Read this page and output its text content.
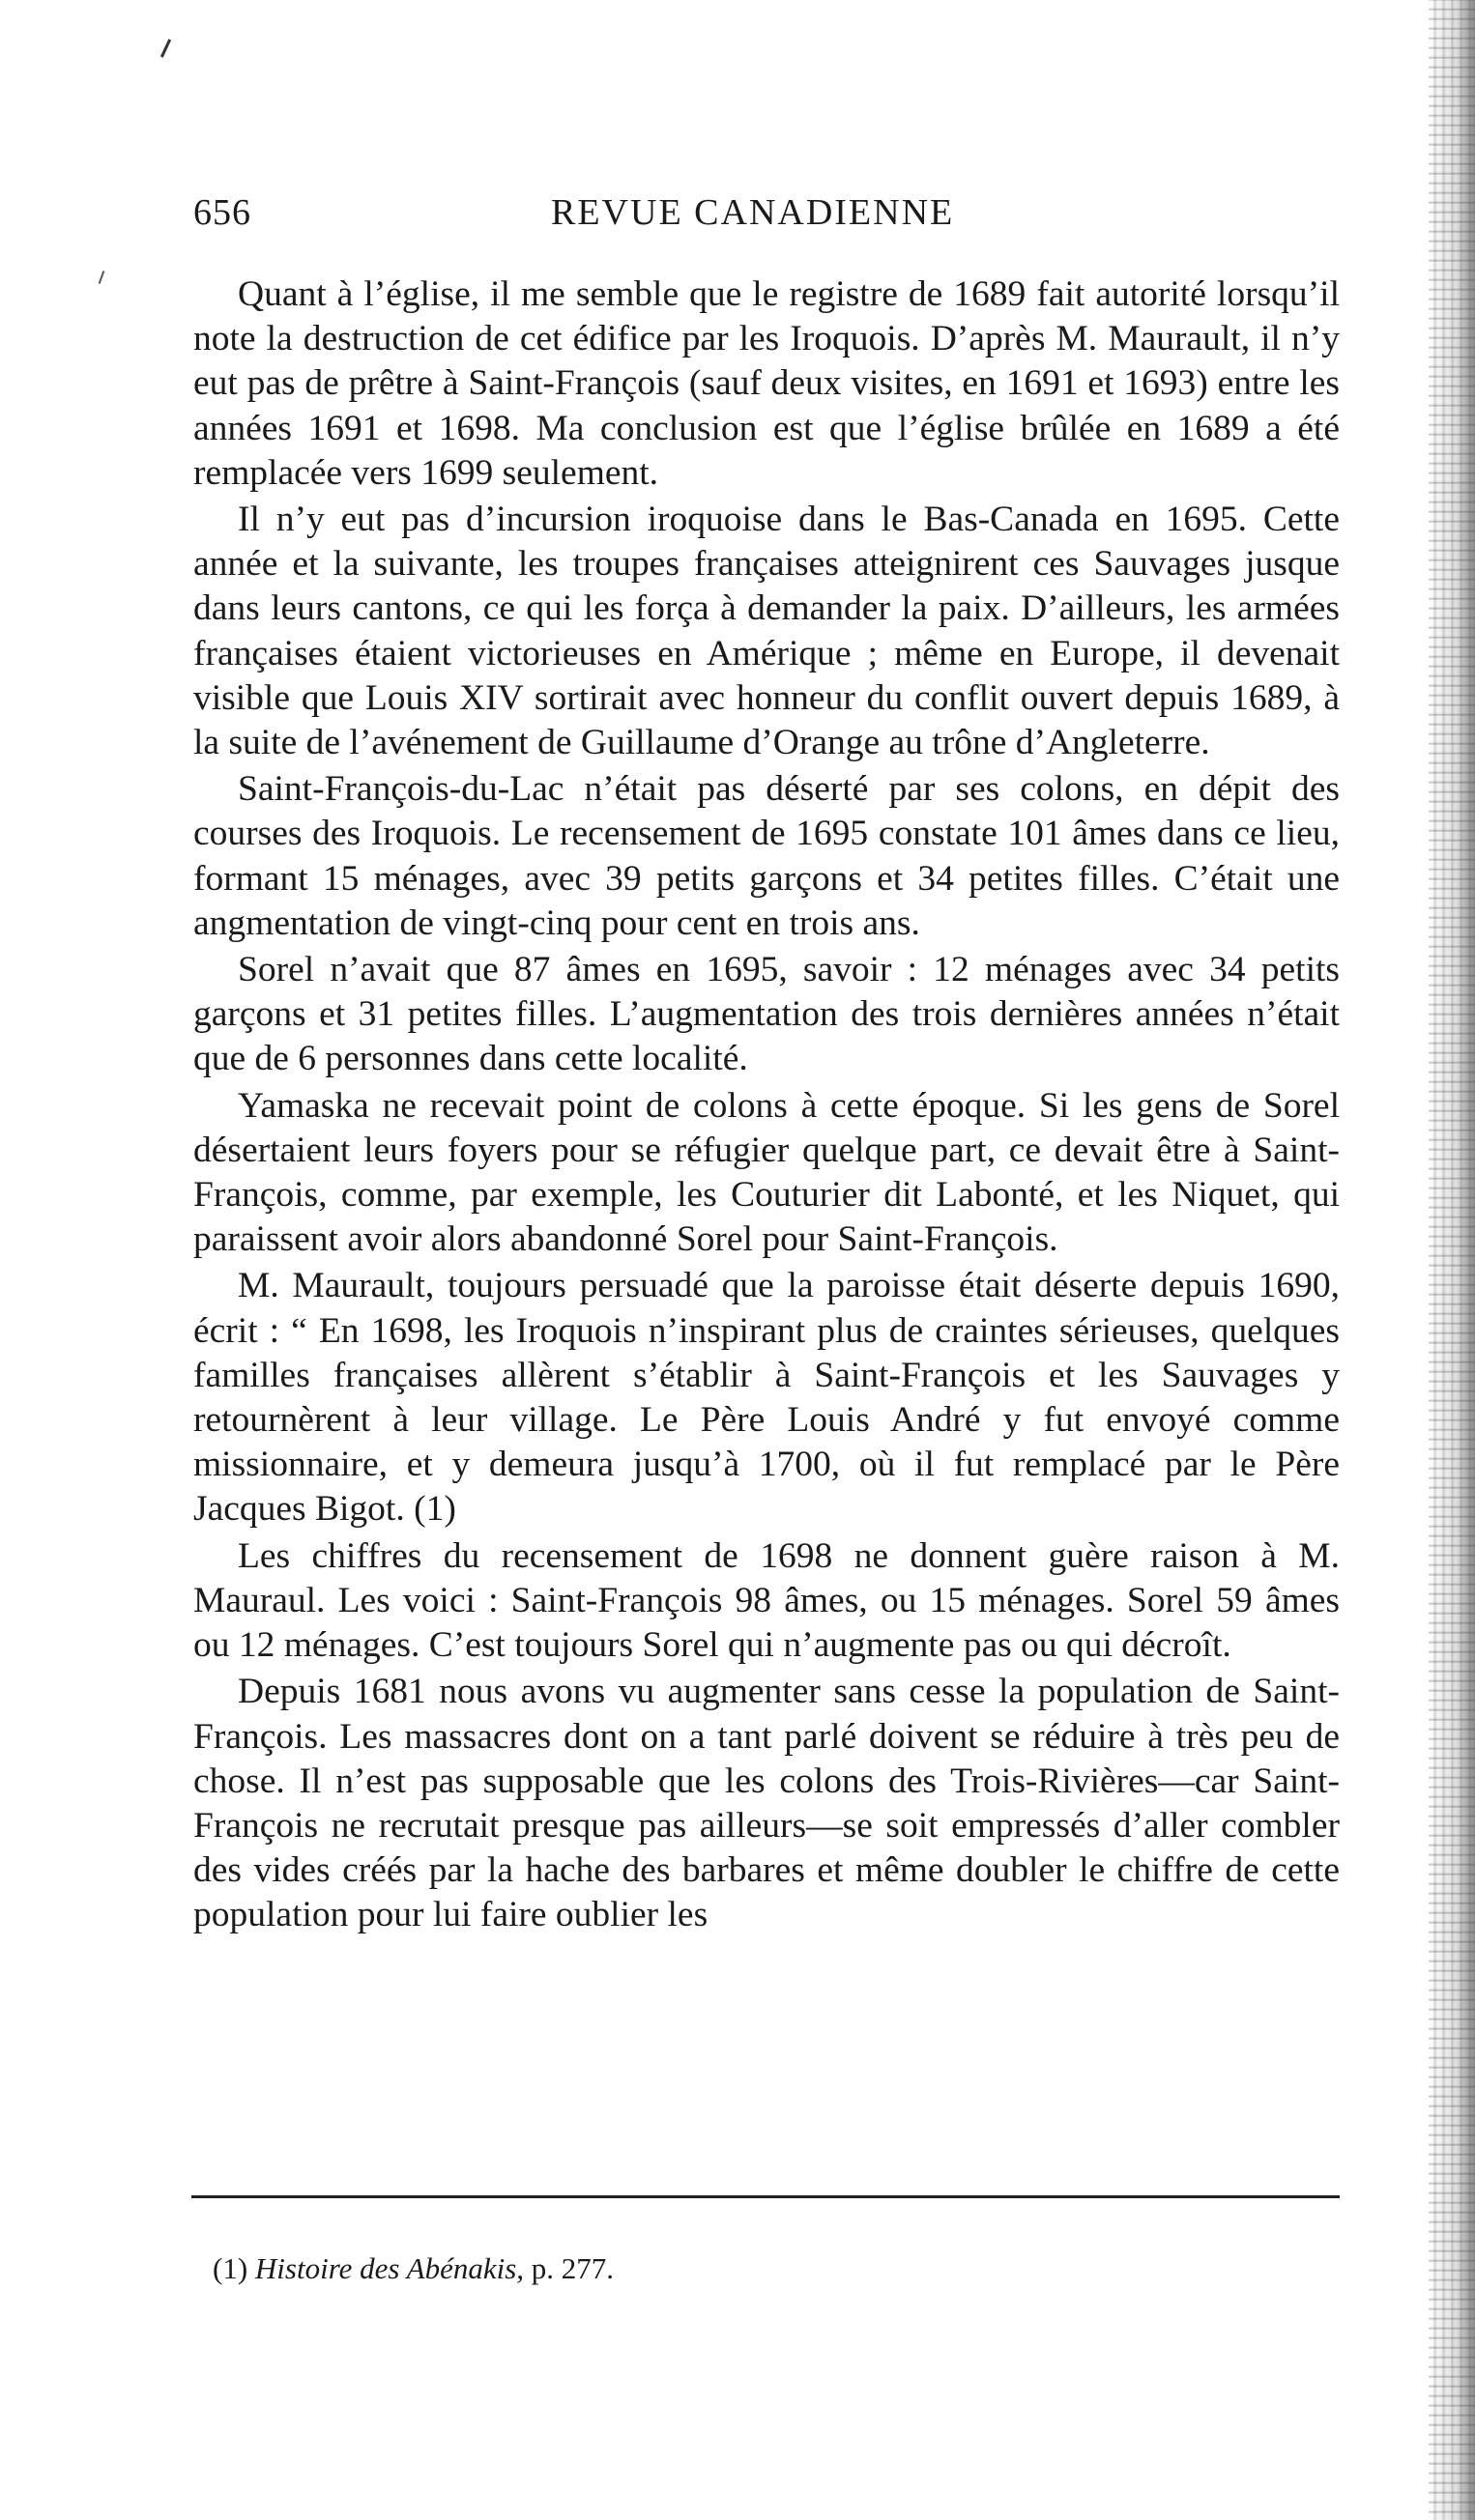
656	REVUE CANADIENNE

Quant à l’église, il me semble que le registre de 1689 fait autorité lorsqu’il note la destruction de cet édifice par les Iroquois. D’après M. Maurault, il n’y eut pas de prêtre à Saint-François (sauf deux visites, en 1691 et 1693) entre les années 1691 et 1698. Ma conclusion est que l’église brûlée en 1689 a été remplacée vers 1699 seulement.

Il n’y eut pas d’incursion iroquoise dans le Bas-Canada en 1695. Cette année et la suivante, les troupes françaises atteignirent ces Sauvages jusque dans leurs cantons, ce qui les força à demander la paix. D’ailleurs, les armées françaises étaient victorieuses en Amérique ; même en Europe, il devenait visible que Louis XIV sortirait avec honneur du conflit ouvert depuis 1689, à la suite de l’avénement de Guillaume d’Orange au trône d’Angleterre.

Saint-François-du-Lac n’était pas déserté par ses colons, en dépit des courses des Iroquois. Le recensement de 1695 constate 101 âmes dans ce lieu, formant 15 ménages, avec 39 petits garçons et 34 petites filles. C’était une angmentation de vingt-cinq pour cent en trois ans.

Sorel n’avait que 87 âmes en 1695, savoir : 12 ménages avec 34 petits garçons et 31 petites filles. L’augmentation des trois dernières années n’était que de 6 personnes dans cette localité.

Yamaska ne recevait point de colons à cette époque. Si les gens de Sorel désertaient leurs foyers pour se réfugier quelque part, ce devait être à Saint-François, comme, par exemple, les Couturier dit Labonté, et les Niquet, qui paraissent avoir alors abandonné Sorel pour Saint-François.

M. Maurault, toujours persuadé que la paroisse était déserte depuis 1690, écrit : “ En 1698, les Iroquois n’inspirant plus de craintes sérieuses, quelques familles françaises allèrent s’établir à Saint-François et les Sauvages y retournèrent à leur village. Le Père Louis André y fut envoyé comme missionnaire, et y demeura jusqu’à 1700, où il fut remplacé par le Père Jacques Bigot. (1)

Les chiffres du recensement de 1698 ne donnent guère raison à M. Mauraul. Les voici : Saint-François 98 âmes, ou 15 ménages. Sorel 59 âmes ou 12 ménages. C’est toujours Sorel qui n’augmente pas ou qui décroît.

Depuis 1681 nous avons vu augmenter sans cesse la population de Saint-François. Les massacres dont on a tant parlé doivent se réduire à très peu de chose. Il n’est pas supposable que les colons des Trois-Rivières—car Saint-François ne recrutait presque pas ailleurs—se soit empressés d’aller combler des vides créés par la hache des barbares et même doubler le chiffre de cette population pour lui faire oublier les

(1) Histoire des Abénakis, p. 277.
